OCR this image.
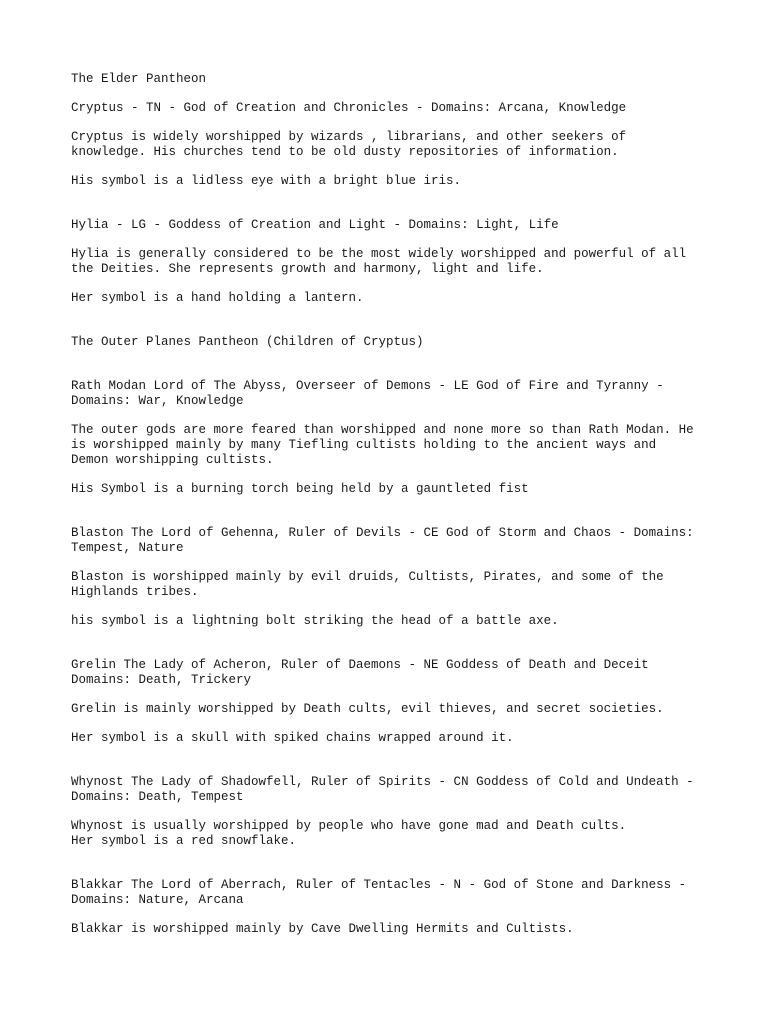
The Elder Pantheon

Cryptus - TN - God of Creation and Chronicles - Domains: Arcana, Knowledge

Cryptus is widely worshipped by wizards , librarians, and other seekers of

knowledge. His churches tend to be old dusty repositories of information.

His symbol is a lidless eye with a bright blue iris.

Hylia - LG - Goddess of Creation and Light - Domains: Light, Life

Hylia is generally considered to be the most widely worshipped and powerful of all

the Deities. She represents growth and harmony, light and life.

Her symbol is a hand holding a lantern.

The Outer Planes Pantheon (Children of Cryptus)

Rath Modan Lord of The Abyss, Overseer of Demons - LE God of Fire and Tyranny -

Domains: War, Knowledge

The outer gods are more feared than worshipped and none more so than Rath Modan. He

is worshipped mainly by many Tiefling cultists holding to the ancient ways and

Demon worshipping cultists.

His Symbol is a burning torch being held by a gauntleted fist

Blaston The Lord of Gehenna, Ruler of Devils - CE God of Storm and Chaos - Domains:

Tempest, Nature

Blaston is worshipped mainly by evil druids, Cultists, Pirates, and some of the

Highlands tribes.

his symbol is a lightning bolt striking the head of a battle axe.

Grelin The Lady of Acheron, Ruler of Daemons - NE Goddess of Death and Deceit

Domains: Death, Trickery

Grelin is mainly worshipped by Death cults, evil thieves, and secret societies.

Her symbol is a skull with spiked chains wrapped around it.

Whynost The Lady of Shadowfell, Ruler of Spirits - CN Goddess of Cold and Undeath -

Domains: Death, Tempest

Whynost is usually worshipped by people who have gone mad and Death cults.

Her symbol is a red snowflake.

Blakkar The Lord of Aberrach, Ruler of Tentacles - N - God of Stone and Darkness -

Domains: Nature, Arcana

Blakkar is worshipped mainly by Cave Dwelling Hermits and Cultists.
